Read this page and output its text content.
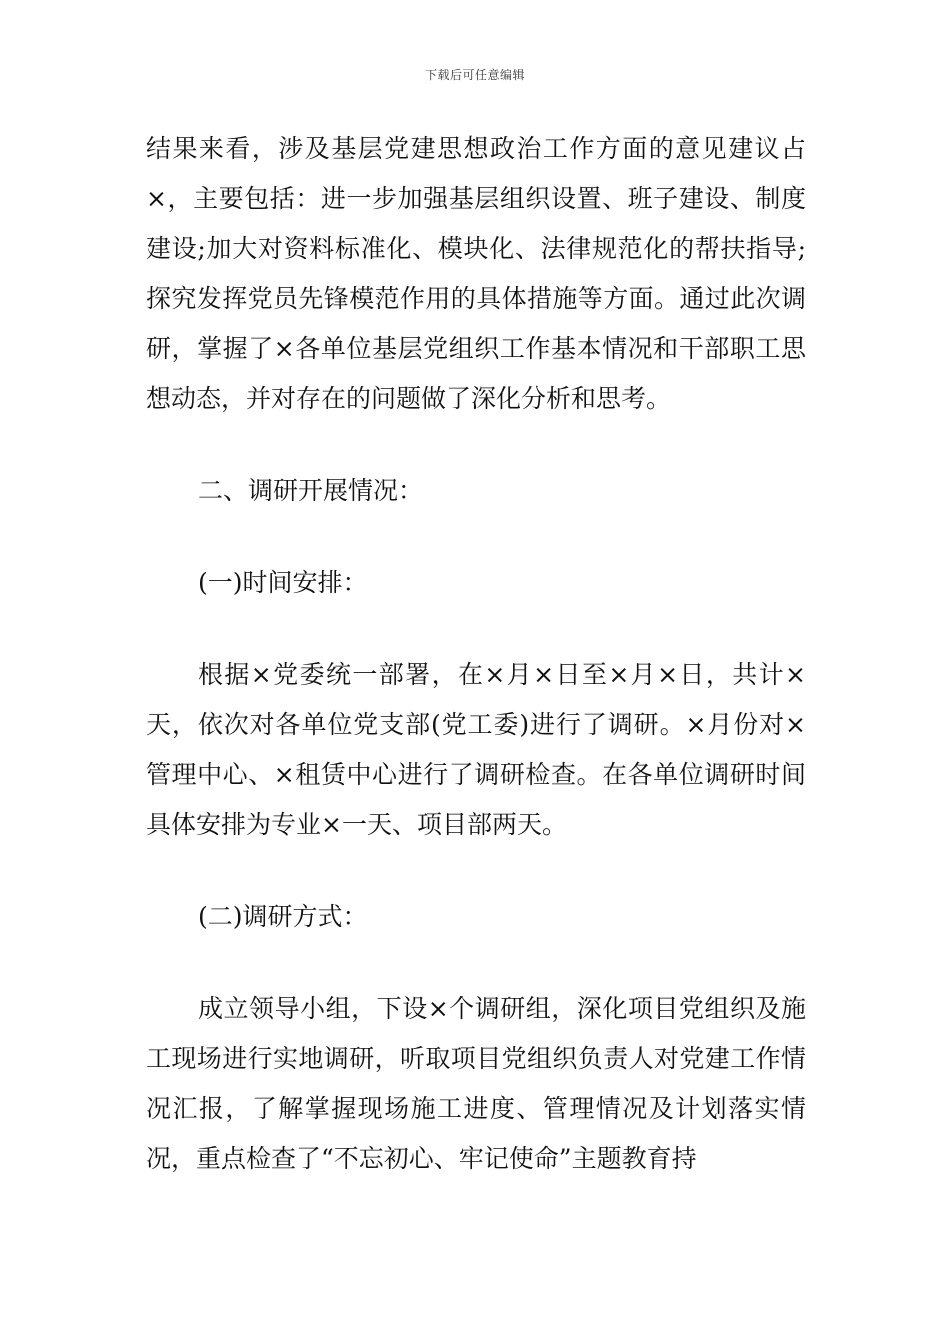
下载后可任意编辑

结果来看，涉及基层党建思想政治工作方面的意见建议占×，主要包括：进一步加强基层组织设置、班子建设、制度建设;加大对资料标准化、模块化、法律规范化的帮扶指导;探究发挥党员先锋模范作用的具体措施等方面。通过此次调研，掌握了×各单位基层党组织工作基本情况和干部职工思想动态，并对存在的问题做了深化分析和思考。

二、调研开展情况：

(一)时间安排：

根据×党委统一部署，在×月×日至×月×日，共计×天，依次对各单位党支部(党工委)进行了调研。×月份对×管理中心、×租赁中心进行了调研检查。在各单位调研时间具体安排为专业×一天、项目部两天。

(二)调研方式：

成立领导小组，下设×个调研组，深化项目党组织及施工现场进行实地调研，听取项目党组织负责人对党建工作情况汇报，了解掌握现场施工进度、管理情况及计划落实情况，重点检查了“不忘初心、牢记使命”主题教育持
